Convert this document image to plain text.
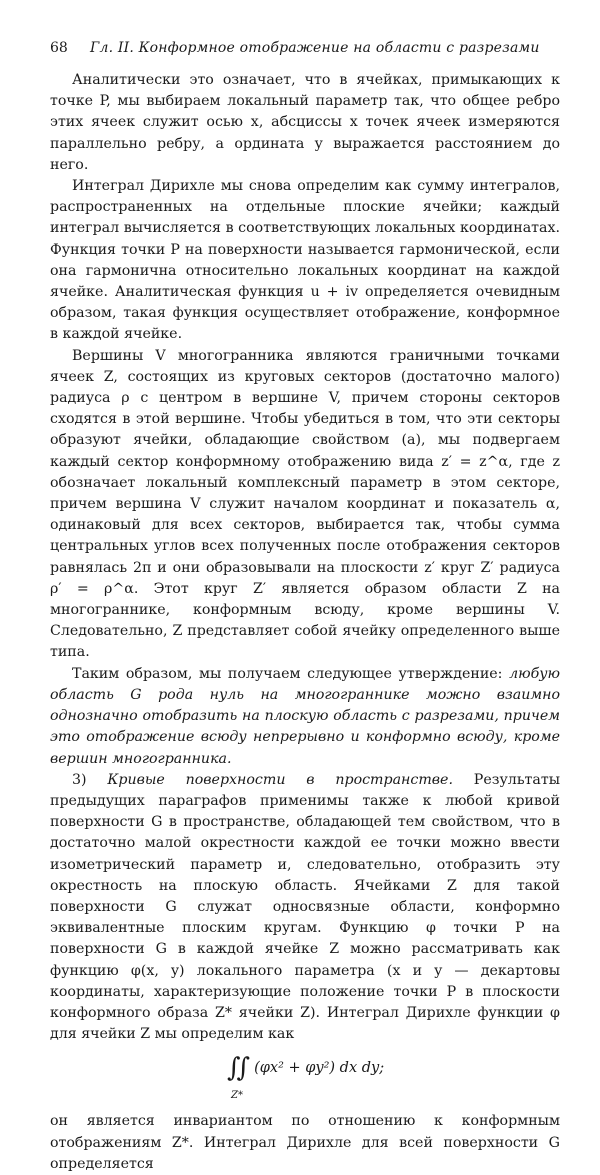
68	Гл. II. Конформное отображение на области с разрезами

Аналитически это означает, что в ячейках, примыкающих к точке P, мы выбираем локальный параметр так, что общее ребро этих ячеек служит осью x, абсциссы x точек ячеек измеряются параллельно ребру, а ордината y выражается расстоянием до него.

Интеграл Дирихле мы снова определим как сумму интегралов, распространенных на отдельные плоские ячейки; каждый интеграл вычисляется в соответствующих локальных координатах. Функция точки P на поверхности называется гармонической, если она гармонична относительно локальных координат на каждой ячейке. Аналитическая функция u + iv определяется очевидным образом, такая функция осуществляет отображение, конформное в каждой ячейке.

Вершины V многогранника являются граничными точками ячеек Z, состоящих из круговых секторов (достаточно малого) радиуса ρ с центром в вершине V, причем стороны секторов сходятся в этой вершине. Чтобы убедиться в том, что эти секторы образуют ячейки, обладающие свойством (а), мы подвергаем каждый сектор конформному отображению вида z′ = z^α, где z обозначает локальный комплексный параметр в этом секторе, причем вершина V служит началом координат и показатель α, одинаковый для всех секторов, выбирается так, чтобы сумма центральных углов всех полученных после отображения секторов равнялась 2π и они образовывали на плоскости z′ круг Z′ радиуса ρ′ = ρ^α. Этот круг Z′ является образом области Z на многограннике, конформным всюду, кроме вершины V. Следовательно, Z представляет собой ячейку определенного выше типа.

Таким образом, мы получаем следующее утверждение: любую область G рода нуль на многограннике можно взаимно однозначно отобразить на плоскую область с разрезами, причем это отображение всюду непрерывно и конформно всюду, кроме вершин многогранника.

3) Кривые поверхности в пространстве. Результаты предыдущих параграфов применимы также к любой кривой поверхности G в пространстве, обладающей тем свойством, что в достаточно малой окрестности каждой ее точки можно ввести изометрический параметр и, следовательно, отобразить эту окрестность на плоскую область. Ячейками Z для такой поверхности G служат односвязные области, конформно эквивалентные плоским кругам. Функцию φ точки P на поверхности G в каждой ячейке Z можно рассматривать как функцию φ(x, y) локального параметра (x и y — декартовы координаты, характеризующие положение точки P в плоскости конформного образа Z* ячейки Z). Интеграл Дирихле функции φ для ячейки Z мы определим как

∫∫
Z*
(φx² + φy²) dx dy;

он является инвариантом по отношению к конформным отображениям Z*. Интеграл Дирихле для всей поверхности G определяется
